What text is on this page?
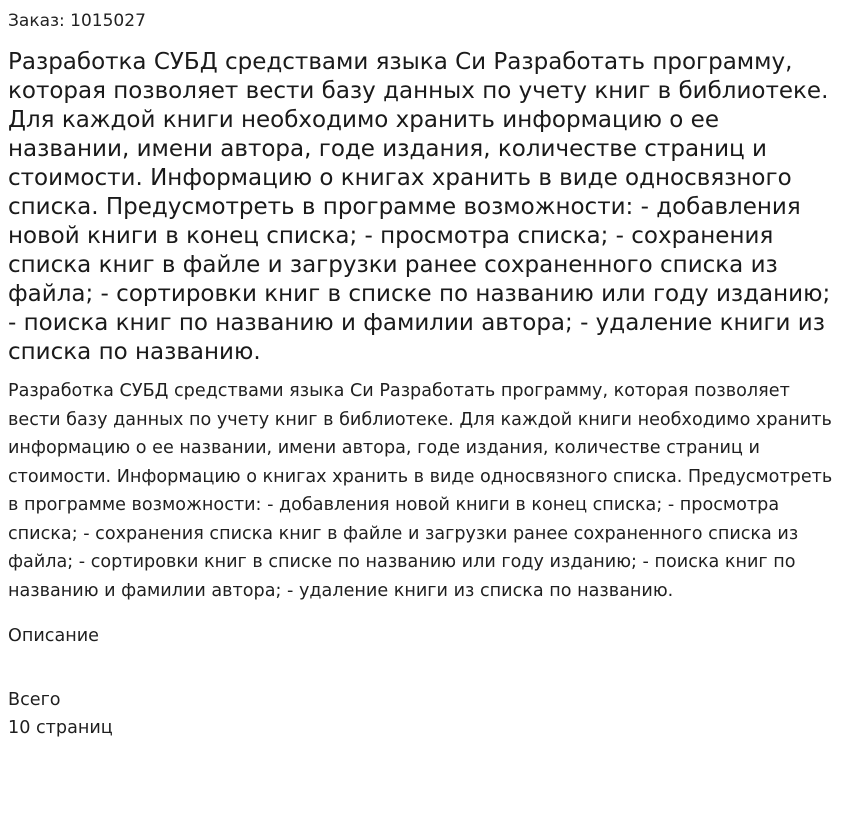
Заказ: 1015027

Разработка СУБД средствами языка Си Разработать программу, которая позволяет вести базу данных по учету книг в библиотеке. Для каждой книги необходимо хранить информацию о ее названии, имени автора, годе издания, количестве страниц и стоимости. Информацию о книгах хранить в виде односвязного списка. Предусмотреть в программе возможности: - добавления новой книги в конец списка; - просмотра списка; - сохранения списка книг в файле и загрузки ранее сохраненного списка из файла; - сортировки книг в списке по названию или году изданию; - поиска книг по названию и фамилии автора; - удаление книги из списка по названию.

Разработка СУБД средствами языка Си Разработать программу, которая позволяет вести базу данных по учету книг в библиотеке. Для каждой книги необходимо хранить информацию о ее названии, имени автора, годе издания, количестве страниц и стоимости. Информацию о книгах хранить в виде односвязного списка. Предусмотреть в программе возможности: - добавления новой книги в конец списка; - просмотра списка; - сохранения списка книг в файле и загрузки ранее сохраненного списка из файла; - сортировки книг в списке по названию или году изданию; - поиска книг по названию и фамилии автора; - удаление книги из списка по названию.

Описание

Всего
10 страниц
